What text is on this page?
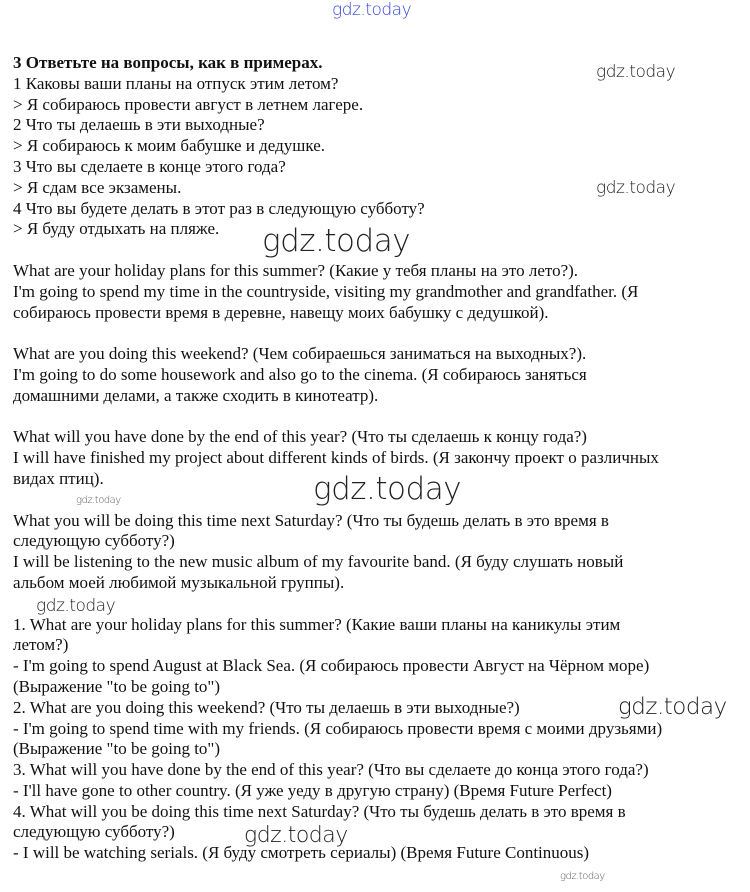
gdz.today
gdz.today
gdz.today
gdz.today
gdz.today	gdz.today
gdz.today
gdz.today
gdz.today
gdz.today
3 Ответьте на вопросы, как в примерах.
1 Каковы ваши планы на отпуск этим летом?
> Я собираюсь провести август в летнем лагере.
2 Что ты делаешь в эти выходные?
> Я собираюсь к моим бабушке и дедушке.
3 Что вы сделаете в конце этого года?
> Я сдам все экзамены.
4 Что вы будете делать в этот раз в следующую субботу?
> Я буду отдыхать на пляже.
What are your holiday plans for this summer? (Какие у тебя планы на это лето?).
I'm going to spend my time in the countryside, visiting my grandmother and grandfather. (Я
собираюсь провести время в деревне, навещу моих бабушку с дедушкой).
What are you doing this weekend? (Чем собираешься заниматься на выходных?).
I'm going to do some housework and also go to the cinema. (Я собираюсь заняться
домашними делами, а также сходить в кинотеатр).
What will you have done by the end of this year? (Что ты сделаешь к концу года?)
I will have finished my project about different kinds of birds. (Я закончу проект о различных
видах птиц).
What you will be doing this time next Saturday? (Что ты будешь делать в это время в
следующую субботу?)
I will be listening to the new music album of my favourite band. (Я буду слушать новый
альбом моей любимой музыкальной группы).
1. What are your holiday plans for this summer? (Какие ваши планы на каникулы этим
летом?)
- I'm going to spend August at Black Sea. (Я собираюсь провести Август на Чёрном море)
(Выражение "to be going to")
2. What are you doing this weekend? (Что ты делаешь в эти выходные?)
- I'm going to spend time with my friends. (Я собираюсь провести время с моими друзьями)
(Выражение "to be going to")
3. What will you have done by the end of this year? (Что вы сделаете до конца этого года?)
- I'll have gone to other country. (Я уже уеду в другую страну) (Время Future Perfect)
4. What will you be doing this time next Saturday? (Что ты будешь делать в это время в
следующую субботу?)
- I will be watching serials. (Я буду смотреть сериалы) (Время Future Continuous)
